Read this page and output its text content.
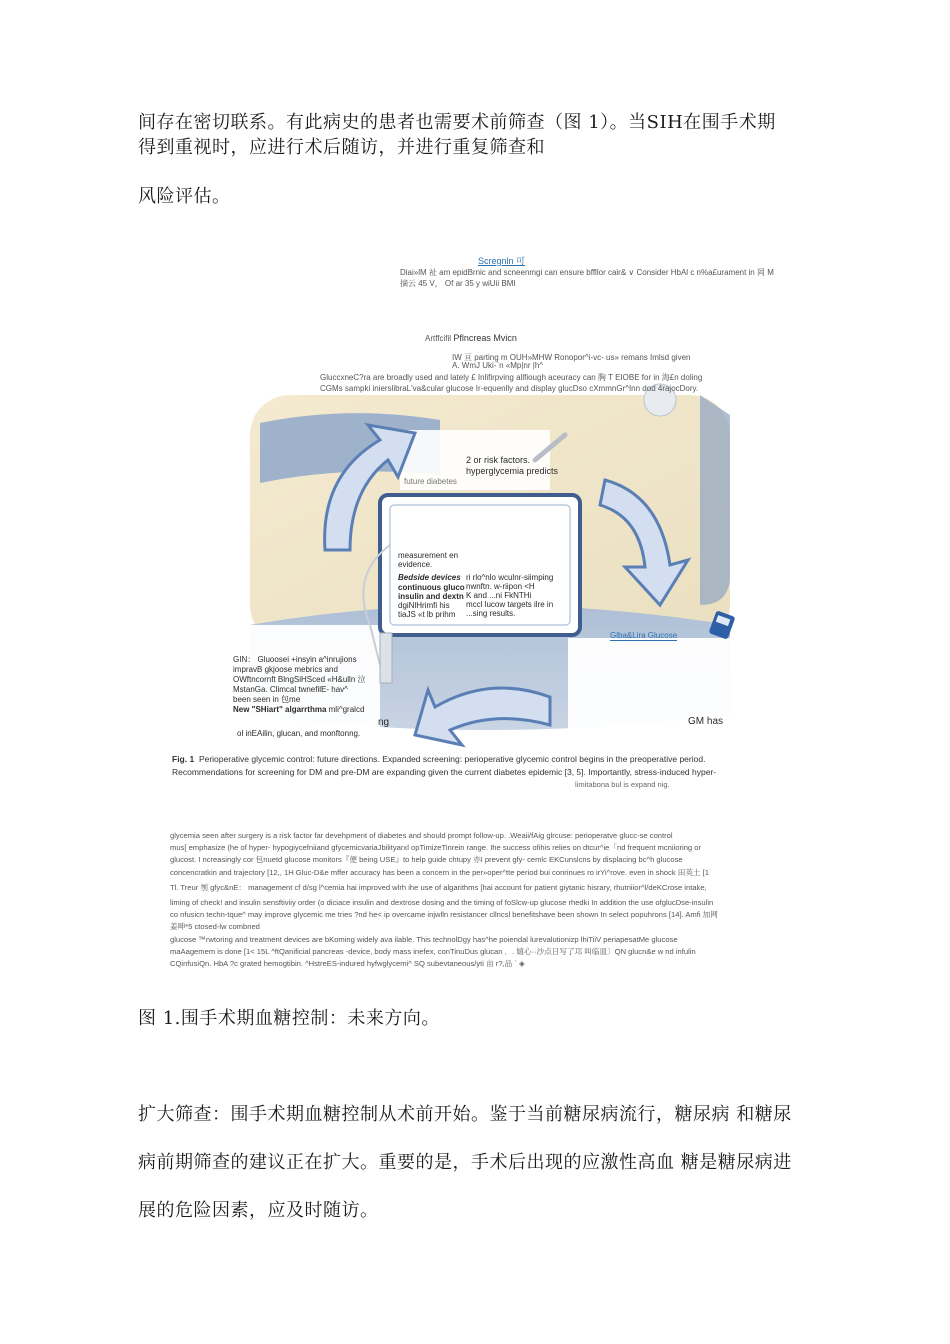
间存在密切联系。有此病史的患者也需要术前筛查（图 1）。当SIH在围手术期
得到重视时，应进行术后随访，并进行重复筛查和
风险评估。
Scregnln 可
Diai»lM 祉 am epidBrnic and scneenmgi can ensure bffllor cair& ∨ Consider HbAl c n%a£urament in 岡 M
摘云 45 V， Of ar 35 y wiUii BMI
Artffcifil Pflncreas Mvicn
IW 亘 parting m OUH»MHW Ronopor^i-vc- us» remans Imlsd given
A. WmJ Uki-`n «Mp|nr |h^
GluccxneC?ra are broadly used and lately £ Inlifirpving allfiough aceuracy can 胸 T EIOBE for in 海£n doling
CGMs sampki inierslibraL'va&cular glucose Ir-equenlly and display glucDso cXmmnGr^Inn dod 4rajocDory.
2 or risk factors.
hyperglycemia predicts
future diabetes
measurement en evidence.
Bedside devices
continuous gluco
insulin and dextn
dgiNlHrimfi his
tiaJS «t lb prihm
ri rlo^nlo wculnr-siimping
nwnftn. w-riipon <H
K and ...ni FkNTHi
mccl lucow targets ilre in
...sing results.
GIN： Gluoosei +insyin a^inrujions
impravB gkjoose mebrics and
OWftncornft BlngSiHSced «H&ulln 泣
MstanGa. Climcal twnefilE- hav^
been seen in 包me
New "SHiart" algarrthma mli^gralcd
ol inEAilin, glucan, and monftonng.
ng
Glba&Lira Glucose
GM has
Fig. 1 Perioperative glycemic control: future directions. Expanded screening: perioperative glycemic control begins in the preoperative period.
Recommendations for screening for DM and pre-DM are expanding given the current diabetes epidemic [3, 5]. Importantly, stress-induced hyper-
limitabona bul is expand nig.
glycemia seen after surgery is a risk factor far devehpment of diabetes and should prompt follow-up. .Weaii/fAig glrcuse: perioperatve glucc-se control
mus[ emphasize (he of hyper- hypogiycefniiand gfycemicvariaJbilityarxl opTimizeTinrein range. Ihe success ofihis relies on dtcur^ie「nd frequent mcniioring or
glucost. I ncreasingly cor 包nuetd glucose monitors『便 being USE』to help guide chtupy 亦I prevent gfy- cemlc EKCunslcns by displacing bc^h glucose
concencratkin and trajectory [12,, 1H Gluc-D&e mffer accuracy has been a concern in the per»oper^tte period bui conrinues ro irYi^rove. even in shock 田英土 [1
Tl. Treur 刎 gfyc&nE： management cf d/sg l^cemia hai improved wlrh ihe use of algarithms [hai account for patient giytanic hisrary, rhutriiior^l/deKCrose intake,
liming of check! and insulin sensftiviiy order (o diciace insulin and dextrose dosing and the timing of foSlcw-up glucose rhedki In addition the use ofglucDse-insulin
co nfusicn techn-tque^ may improve glycemic me tries ?nd he< ip overcame injwlln resistancer cllncsl benefitshave been shown In select popuhrons [14]. Amfi 加网
姜呻*5 ctosed-lw combned
glucose ™rwtoring and treatment devices are bKoming widely ava ilable. This technolDgy has^he poiendal lurevalutionizp lhiTiiV periapesatMe glucose
maAagemem is done [1< 15L ^ftQanificial pancreas -device, body mass inefex, conTinuDus glucan ．. 嬉心··沙点日写了邛 叫临皿〕QN glucn&e w nd infulin
CQinfusiQn. HbA ?c grated hemogtibin. ^HstreES-indured hyfwglycemi^ SQ subevtaneous/yti 亩 r?,品 ` ◈
图 1.围手术期血糖控制：未来方向。
扩大筛查：围手术期血糖控制从术前开始。鉴于当前糖尿病流行，糖尿病 和糖尿
病前期筛查的建议正在扩大。重要的是，手术后出现的应激性高血 糖是糖尿病进
展的危险因素，应及时随访。
